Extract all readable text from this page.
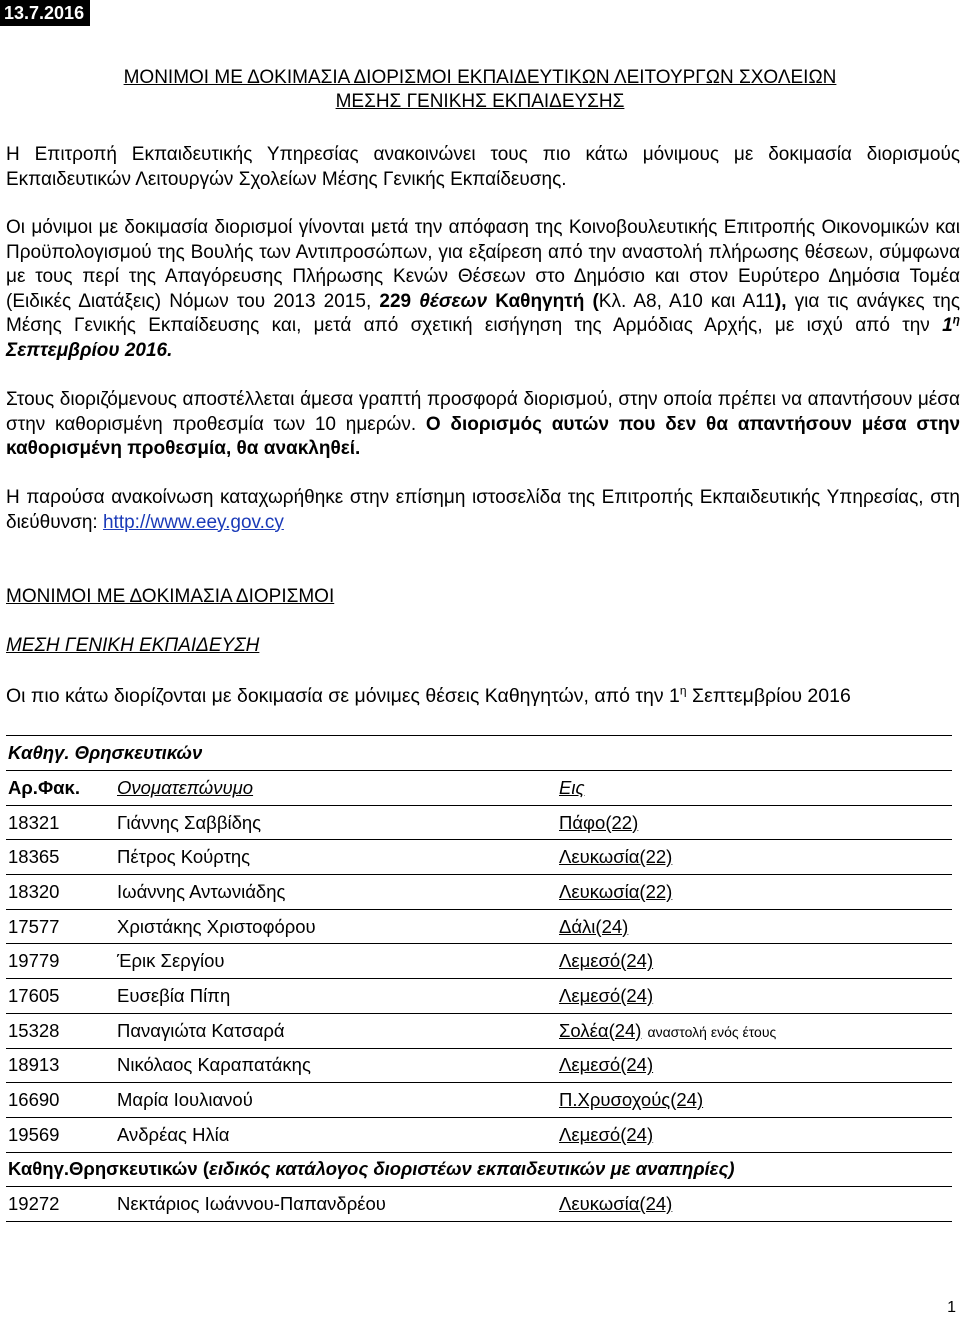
13.7.2016
ΜΟΝΙΜΟΙ ΜΕ ΔΟΚΙΜΑΣΙΑ ΔΙΟΡΙΣΜΟΙ ΕΚΠΑΙΔΕΥΤΙΚΩΝ ΛΕΙΤΟΥΡΓΩΝ ΣΧΟΛΕΙΩΝ
ΜΕΣΗΣ ΓΕΝΙΚΗΣ ΕΚΠΑΙΔΕΥΣΗΣ

Η Επιτροπή Εκπαιδευτικής Υπηρεσίας ανακοινώνει τους πιο κάτω μόνιμους με δοκιμασία διορισμούς Εκπαιδευτικών Λειτουργών Σχολείων Μέσης Γενικής Εκπαίδευσης.

Οι μόνιμοι με δοκιμασία διορισμοί γίνονται μετά την απόφαση της Κοινοβουλευτικής Επιτροπής Οικονομικών και Προϋπολογισμού της Βουλής των Αντιπροσώπων, για εξαίρεση από την αναστολή πλήρωσης θέσεων, σύμφωνα με τους περί της Απαγόρευσης Πλήρωσης Κενών Θέσεων στο Δημόσιο και στον Ευρύτερο Δημόσια Τομέα (Ειδικές Διατάξεις) Νόμων του 2013 2015, 229 θέσεων Καθηγητή (Κλ. Α8, Α10 και Α11), για τις ανάγκες της Μέσης Γενικής Εκπαίδευσης και, μετά από σχετική εισήγηση της Αρμόδιας Αρχής, με ισχύ από την $1^\eta$ Σεπτεμβρίου 2016.

Στους διοριζόμενους αποστέλλεται άμεσα γραπτή προσφορά διορισμού, στην οποία πρέπει να απαντήσουν μέσα στην καθορισμένη προθεσμία των 10 ημερών. Ο διορισμός αυτών που δεν θα απαντήσουν μέσα στην καθορισμένη προθεσμία, θα ανακληθεί.

Η παρούσα ανακοίνωση καταχωρήθηκε στην επίσημη ιστοσελίδα της Επιτροπής Εκπαιδευτικής Υπηρεσίας, στη διεύθυνση: http://www.eey.gov.cy

ΜΟΝΙΜΟΙ ΜΕ ΔΟΚΙΜΑΣΙΑ ΔΙΟΡΙΣΜΟΙ
ΜΕΣΗ ΓΕΝΙΚΗ ΕΚΠΑΙΔΕΥΣΗ
Οι πιο κάτω διορίζονται με δοκιμασία σε μόνιμες θέσεις Καθηγητών, από την $1^\eta$ Σεπτεμβρίου 2016
Καθηγ. Θρησκευτικών		
Αρ.Φακ.	Ονοματεπώνυμο	Εις
18321	Γιάννης Σαββίδης	Πάφο(22)
18365	Πέτρος Κούρτης	Λευκωσία(22)
18320	Ιωάννης Αντωνιάδης	Λευκωσία(22)
17577	Χριστάκης Χριστοφόρου	Δάλι(24)
19779	Έρικ Σεργίου	Λεμεσό(24)
17605	Ευσεβία Πίπη	Λεμεσό(24)
15328	Παναγιώτα Κατσαρά	Σολέα(24) αναστολή ενός έτους
18913	Νικόλαος Καραπατάκης	Λεμεσό(24)
16690	Μαρία Ιουλιανού	Π.Χρυσοχούς(24)
19569	Ανδρέας Ηλία	Λεμεσό(24)
Καθηγ.Θρησκευτικών (ειδικός κατάλογος διοριστέων εκπαιδευτικών με αναπηρίες)		
19272	Νεκτάριος Ιωάννου-Παπανδρέου	Λευκωσία(24)
1
